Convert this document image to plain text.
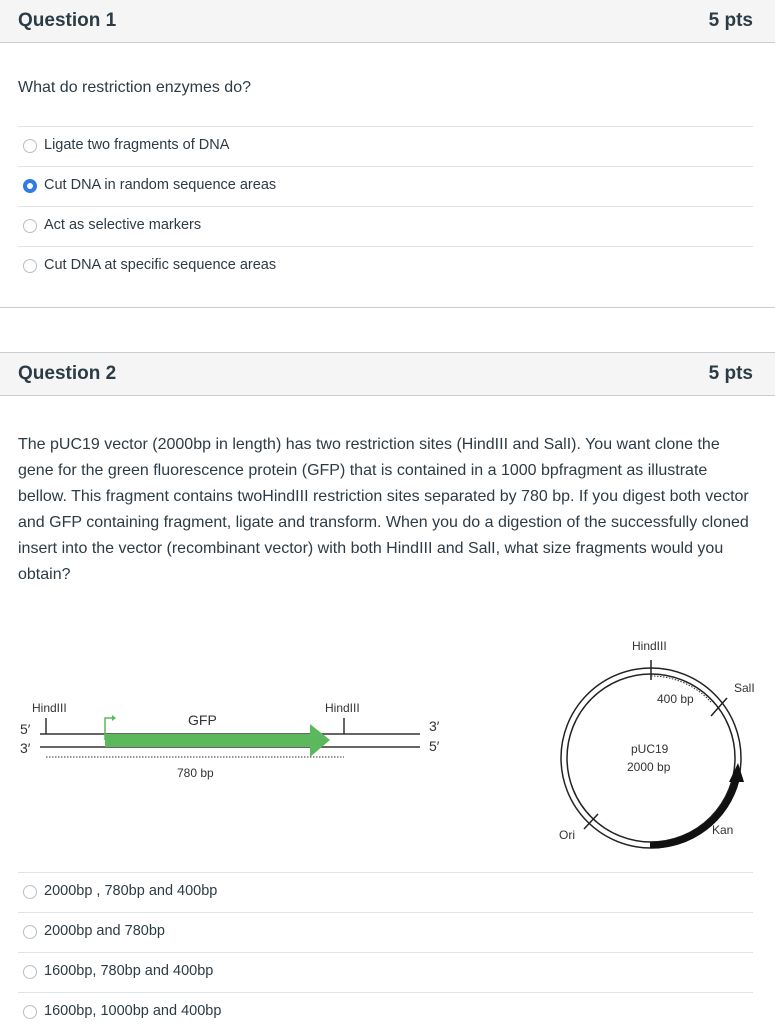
Question 1	5 pts
What do restriction enzymes do?
Ligate two fragments of DNA
Cut DNA in random sequence areas
Act as selective markers
Cut DNA at specific sequence areas
Question 2	5 pts
The pUC19 vector (2000bp in length) has two restriction sites (HindIII and SalI). You want clone the gene for the green fluorescence protein (GFP) that is contained in a 1000 bpfragment as illustrate bellow. This fragment contains twoHindIII restriction sites separated by 780 bp. If you digest both vector and GFP containing fragment, ligate and transform. When you do a digestion of the successfully cloned insert into the vector (recombinant vector) with both HindIII and SalI, what size fragments would you obtain?
HindIII	HindIII
GFP
780 bp
5′
3′
3′
5′
HindIII
SalI
400 bp
pUC19
2000 bp
Ori	Kan
2000bp , 780bp and 400bp
2000bp and 780bp
1600bp, 780bp and 400bp
1600bp, 1000bp and 400bp
